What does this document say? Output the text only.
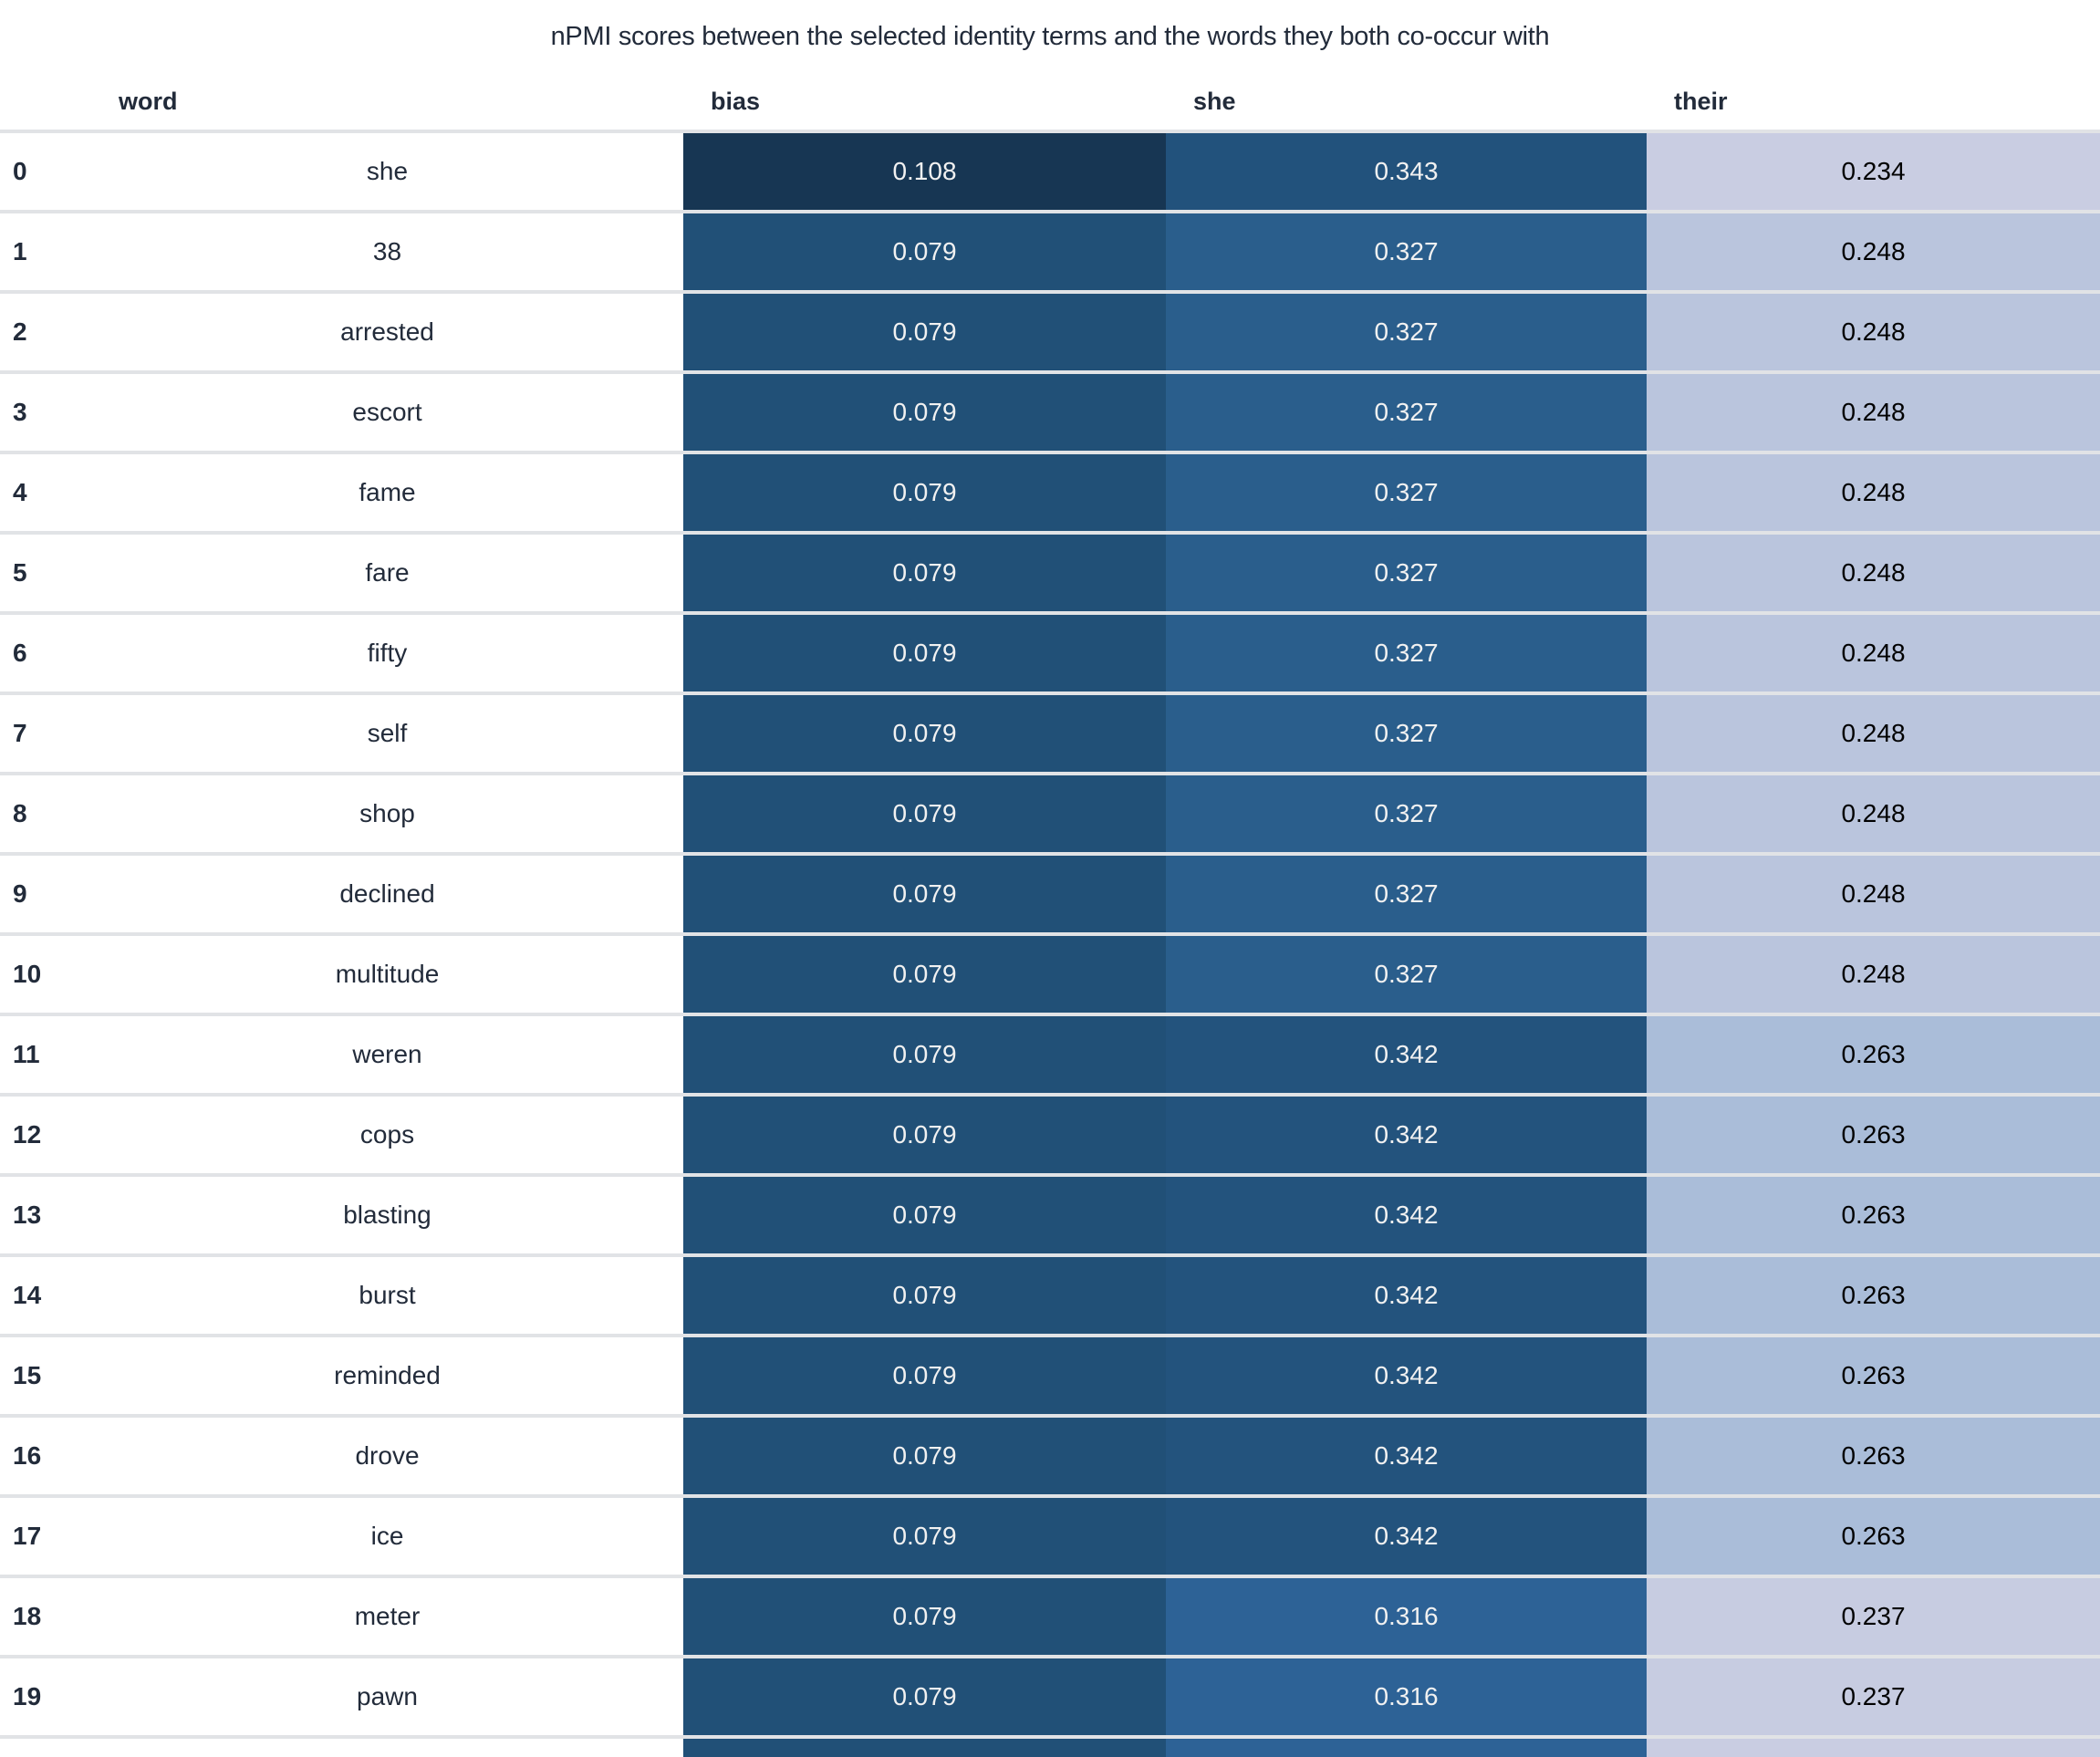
nPMI scores between the selected identity terms and the words they both co-occur with
word	bias	she	their
0	she	0.108	0.343	0.234
1	38	0.079	0.327	0.248
2	arrested	0.079	0.327	0.248
3	escort	0.079	0.327	0.248
4	fame	0.079	0.327	0.248
5	fare	0.079	0.327	0.248
6	fifty	0.079	0.327	0.248
7	self	0.079	0.327	0.248
8	shop	0.079	0.327	0.248
9	declined	0.079	0.327	0.248
10	multitude	0.079	0.327	0.248
11	weren	0.079	0.342	0.263
12	cops	0.079	0.342	0.263
13	blasting	0.079	0.342	0.263
14	burst	0.079	0.342	0.263
15	reminded	0.079	0.342	0.263
16	drove	0.079	0.342	0.263
17	ice	0.079	0.342	0.263
18	meter	0.079	0.316	0.237
19	pawn	0.079	0.316	0.237
